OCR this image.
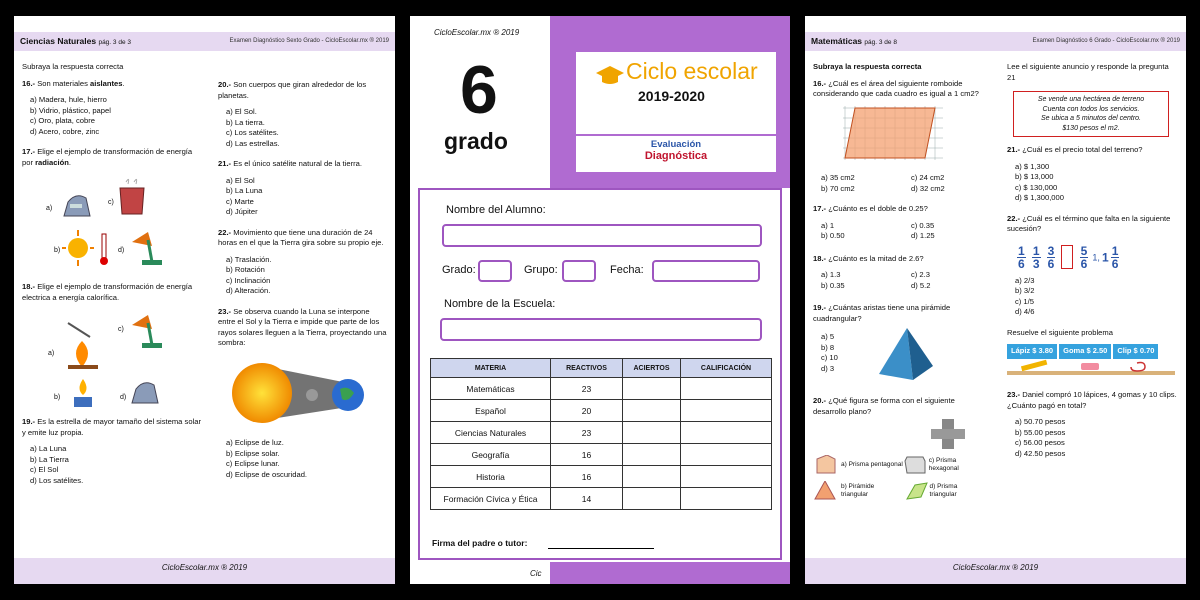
Ciencias Naturales pág. 3 de 3	Examen Diagnóstico Sexto Grado - CicloEscolar.mx ® 2019
Subraya la respuesta correcta
16.- Son materiales aislantes.
a) Madera, hule, hierro
b) Vidrio, plástico, papel
c) Oro, plata, cobre
d) Acero, cobre, zinc
17.- Elige el ejemplo de transformación de energía por radiación.
a)
c)
b)	d)
18.- Elige el ejemplo de transformación de energía electrica a energía calorífica.
a)
c)
b)	d)
19.- Es la estrella de mayor tamaño del sistema solar y emite luz propia.
a) La Luna
b) La Tierra
c) El Sol
d) Los satélites.
20.- Son cuerpos que giran alrededor de los planetas.
a) El Sol.
b) La tierra.
c) Los satélites.
d) Las estrellas.
21.- Es el único satélite natural de la tierra.
a) El Sol
b) La Luna
c) Marte
d) Júpiter
22.- Movimiento que tiene una duración de 24 horas en el que la Tierra gira sobre su propio eje.
a) Traslación.
b) Rotación
c) Inclinación
d) Alteración.
23.- Se observa cuando la Luna se interpone entre el Sol y la Tierra e impide que parte de los rayos solares lleguen a la Tierra, proyectando una sombra:
a) Eclipse de luz.
b) Eclipse solar.
c) Eclipse lunar.
d) Eclipse de oscuridad.
CicloEscolar.mx ® 2019
CicloEscolar.mx ® 2019
6
grado
Ciclo escolar
2019-2020
Evaluación
Diagnóstica
Nombre del Alumno:
Grado:	Grupo:	Fecha:
Nombre de la Escuela:
MATERIA	REACTIVOS	ACIERTOS	CALIFICACIÓN
Matemáticas	23		
Español	20		
Ciencias Naturales	23		
Geografía	16		
Historia	16		
Formación Cívica y Ética	14		
Firma del padre o tutor:
Cic
Matemáticas pág. 3 de 8	Examen Diagnóstico 6 Grado - CicloEscolar.mx ® 2019
Subraya la respuesta correcta
16.- ¿Cuál es el área del siguiente romboide considerando que cada cuadro es igual a 1 cm2?
a) 35 cm2	c) 24 cm2
b) 70 cm2	d) 32 cm2
17.- ¿Cuánto es el doble de 0.25?
a) 1	c) 0.35
b) 0.50	d) 1.25
18.- ¿Cuánto es la mitad de 2.6?
a) 1.3	c) 2.3
b) 0.35	d) 5.2
19.- ¿Cuántas aristas tiene una pirámide cuadrangular?
a) 5
b) 8
c) 10
d) 3
20.- ¿Qué figura se forma con el siguiente desarrollo plano?
a) Prisma pentagonal
c) Prisma hexagonal
b) Pirámide triangular
d) Prisma triangular
Lee el siguiente anuncio y responde la pregunta 21
Se vende una hectárea de terreno
Cuenta con todos los servicios.
Se ubica a 5 minutos del centro.
$130 pesos el m2.
21.- ¿Cuál es el precio total del terreno?
a) $ 1,300
b) $ 13,000
c) $ 130,000
d) $ 1,300,000
22.- ¿Cuál es el término que falta en la siguiente sucesión?
$\frac{1}{6}$
$\frac{1}{3}$
$\frac{3}{6}$
$\frac{5}{6} 1$, $1 \frac{1}{6}$
a) 2/3
b) 3/2
c) 1/5
d) 4/6
Resuelve el siguiente problema
Lápiz $ 3.80 Goma $ 2.50 Clip $ 0.70
23.- Daniel compró 10 lápices, 4 gomas y 10 clips. ¿Cuánto pagó en total?
a) 50.70 pesos
b) 55.00 pesos
c) 56.00 pesos
d) 42.50 pesos
CicloEscolar.mx ® 2019
